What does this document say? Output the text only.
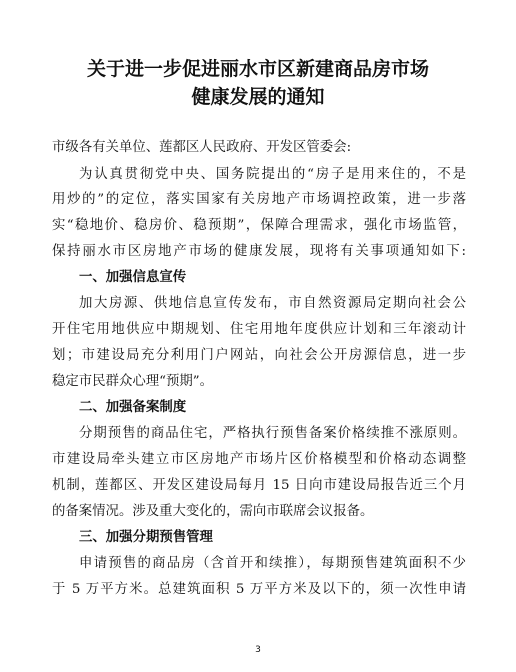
关于进一步促进丽水市区新建商品房市场
健康发展的通知
市级各有关单位、莲都区人民政府、开发区管委会:
为认真贯彻党中央、国务院提出的“房子是用来住的，不是
用炒的”的定位，落实国家有关房地产市场调控政策，进一步落
实“稳地价、稳房价、稳预期”，保障合理需求，强化市场监管，
保持丽水市区房地产市场的健康发展，现将有关事项通知如下:
一、加强信息宣传
加大房源、供地信息宣传发布，市自然资源局定期向社会公
开住宅用地供应中期规划、住宅用地年度供应计划和三年滚动计
划；市建设局充分利用门户网站，向社会公开房源信息，进一步
稳定市民群众心理“预期”。
二、加强备案制度
分期预售的商品住宅，严格执行预售备案价格续推不涨原则。
市建设局牵头建立市区房地产市场片区价格模型和价格动态调整
机制，莲都区、开发区建设局每月 15 日向市建设局报告近三个月
的备案情况。涉及重大变化的，需向市联席会议报备。
三、加强分期预售管理
申请预售的商品房（含首开和续推），每期预售建筑面积不少
于 5 万平方米。总建筑面积 5 万平方米及以下的，须一次性申请
3
